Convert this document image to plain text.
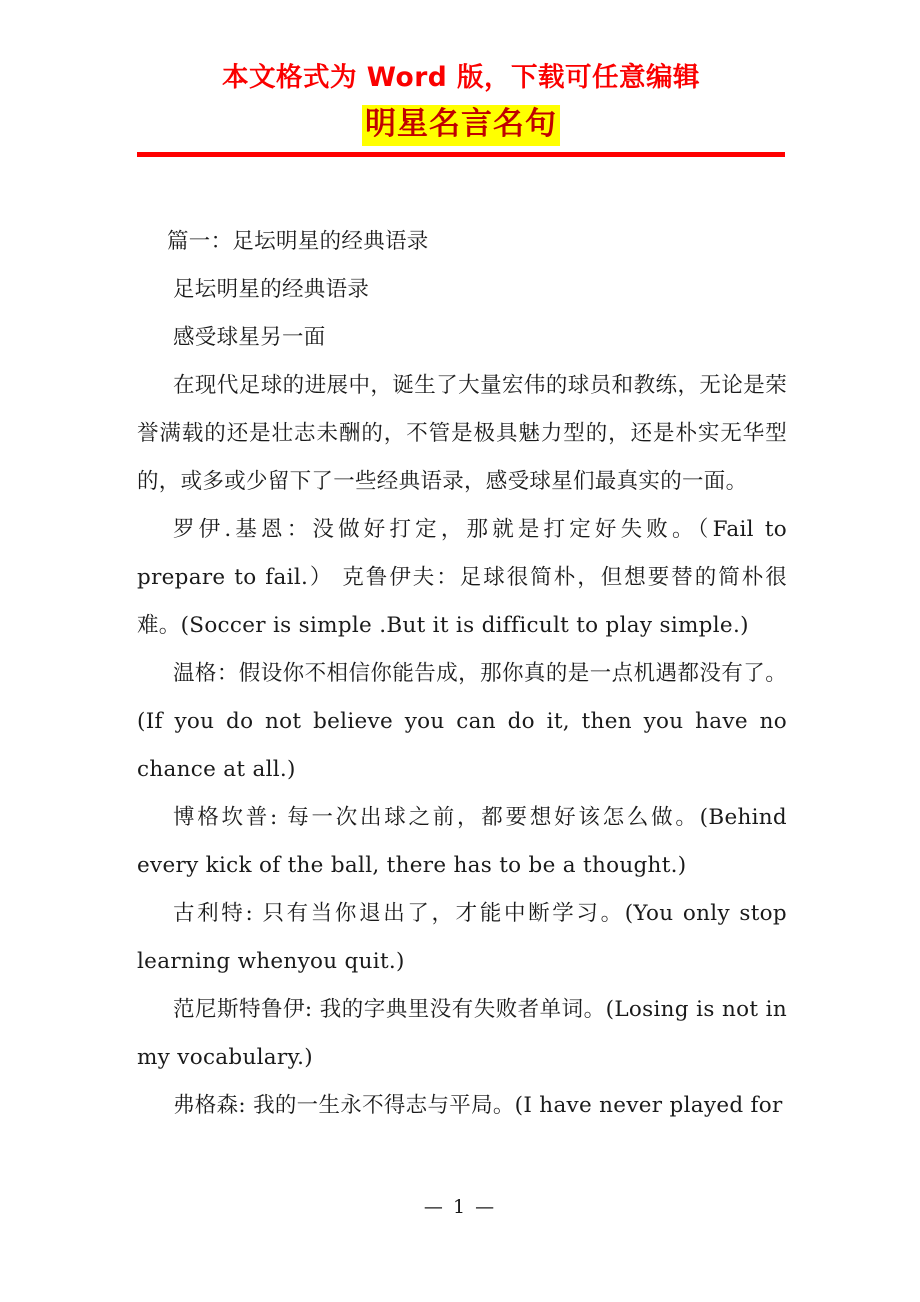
本文格式为 Word 版，下载可任意编辑
明星名言名句

篇一：足坛明星的经典语录

足坛明星的经典语录

感受球星另一面

在现代足球的进展中，诞生了大量宏伟的球员和教练，无论是荣誉满载的还是壮志未酬的，不管是极具魅力型的，还是朴实无华型的，或多或少留下了一些经典语录，感受球星们最真实的一面。

罗伊.基恩：没做好打定，那就是打定好失败。（Fail to prepare to fail.） 克鲁伊夫：足球很简朴，但想要替的简朴很难。(Soccer is simple .But it is difficult to play simple.)

温格：假设你不相信你能告成，那你真的是一点机遇都没有了。(If you do not believe you can do it, then you have no chance at all.)

博格坎普: 每一次出球之前，都要想好该怎么做。(Behind every kick of the ball, there has to be a thought.)

古利特: 只有当你退出了，才能中断学习。(You only stop learning whenyou quit.)

范尼斯特鲁伊: 我的字典里没有失败者单词。(Losing is not in my vocabulary.)

弗格森: 我的一生永不得志与平局。(I have never played for

— 1 —
